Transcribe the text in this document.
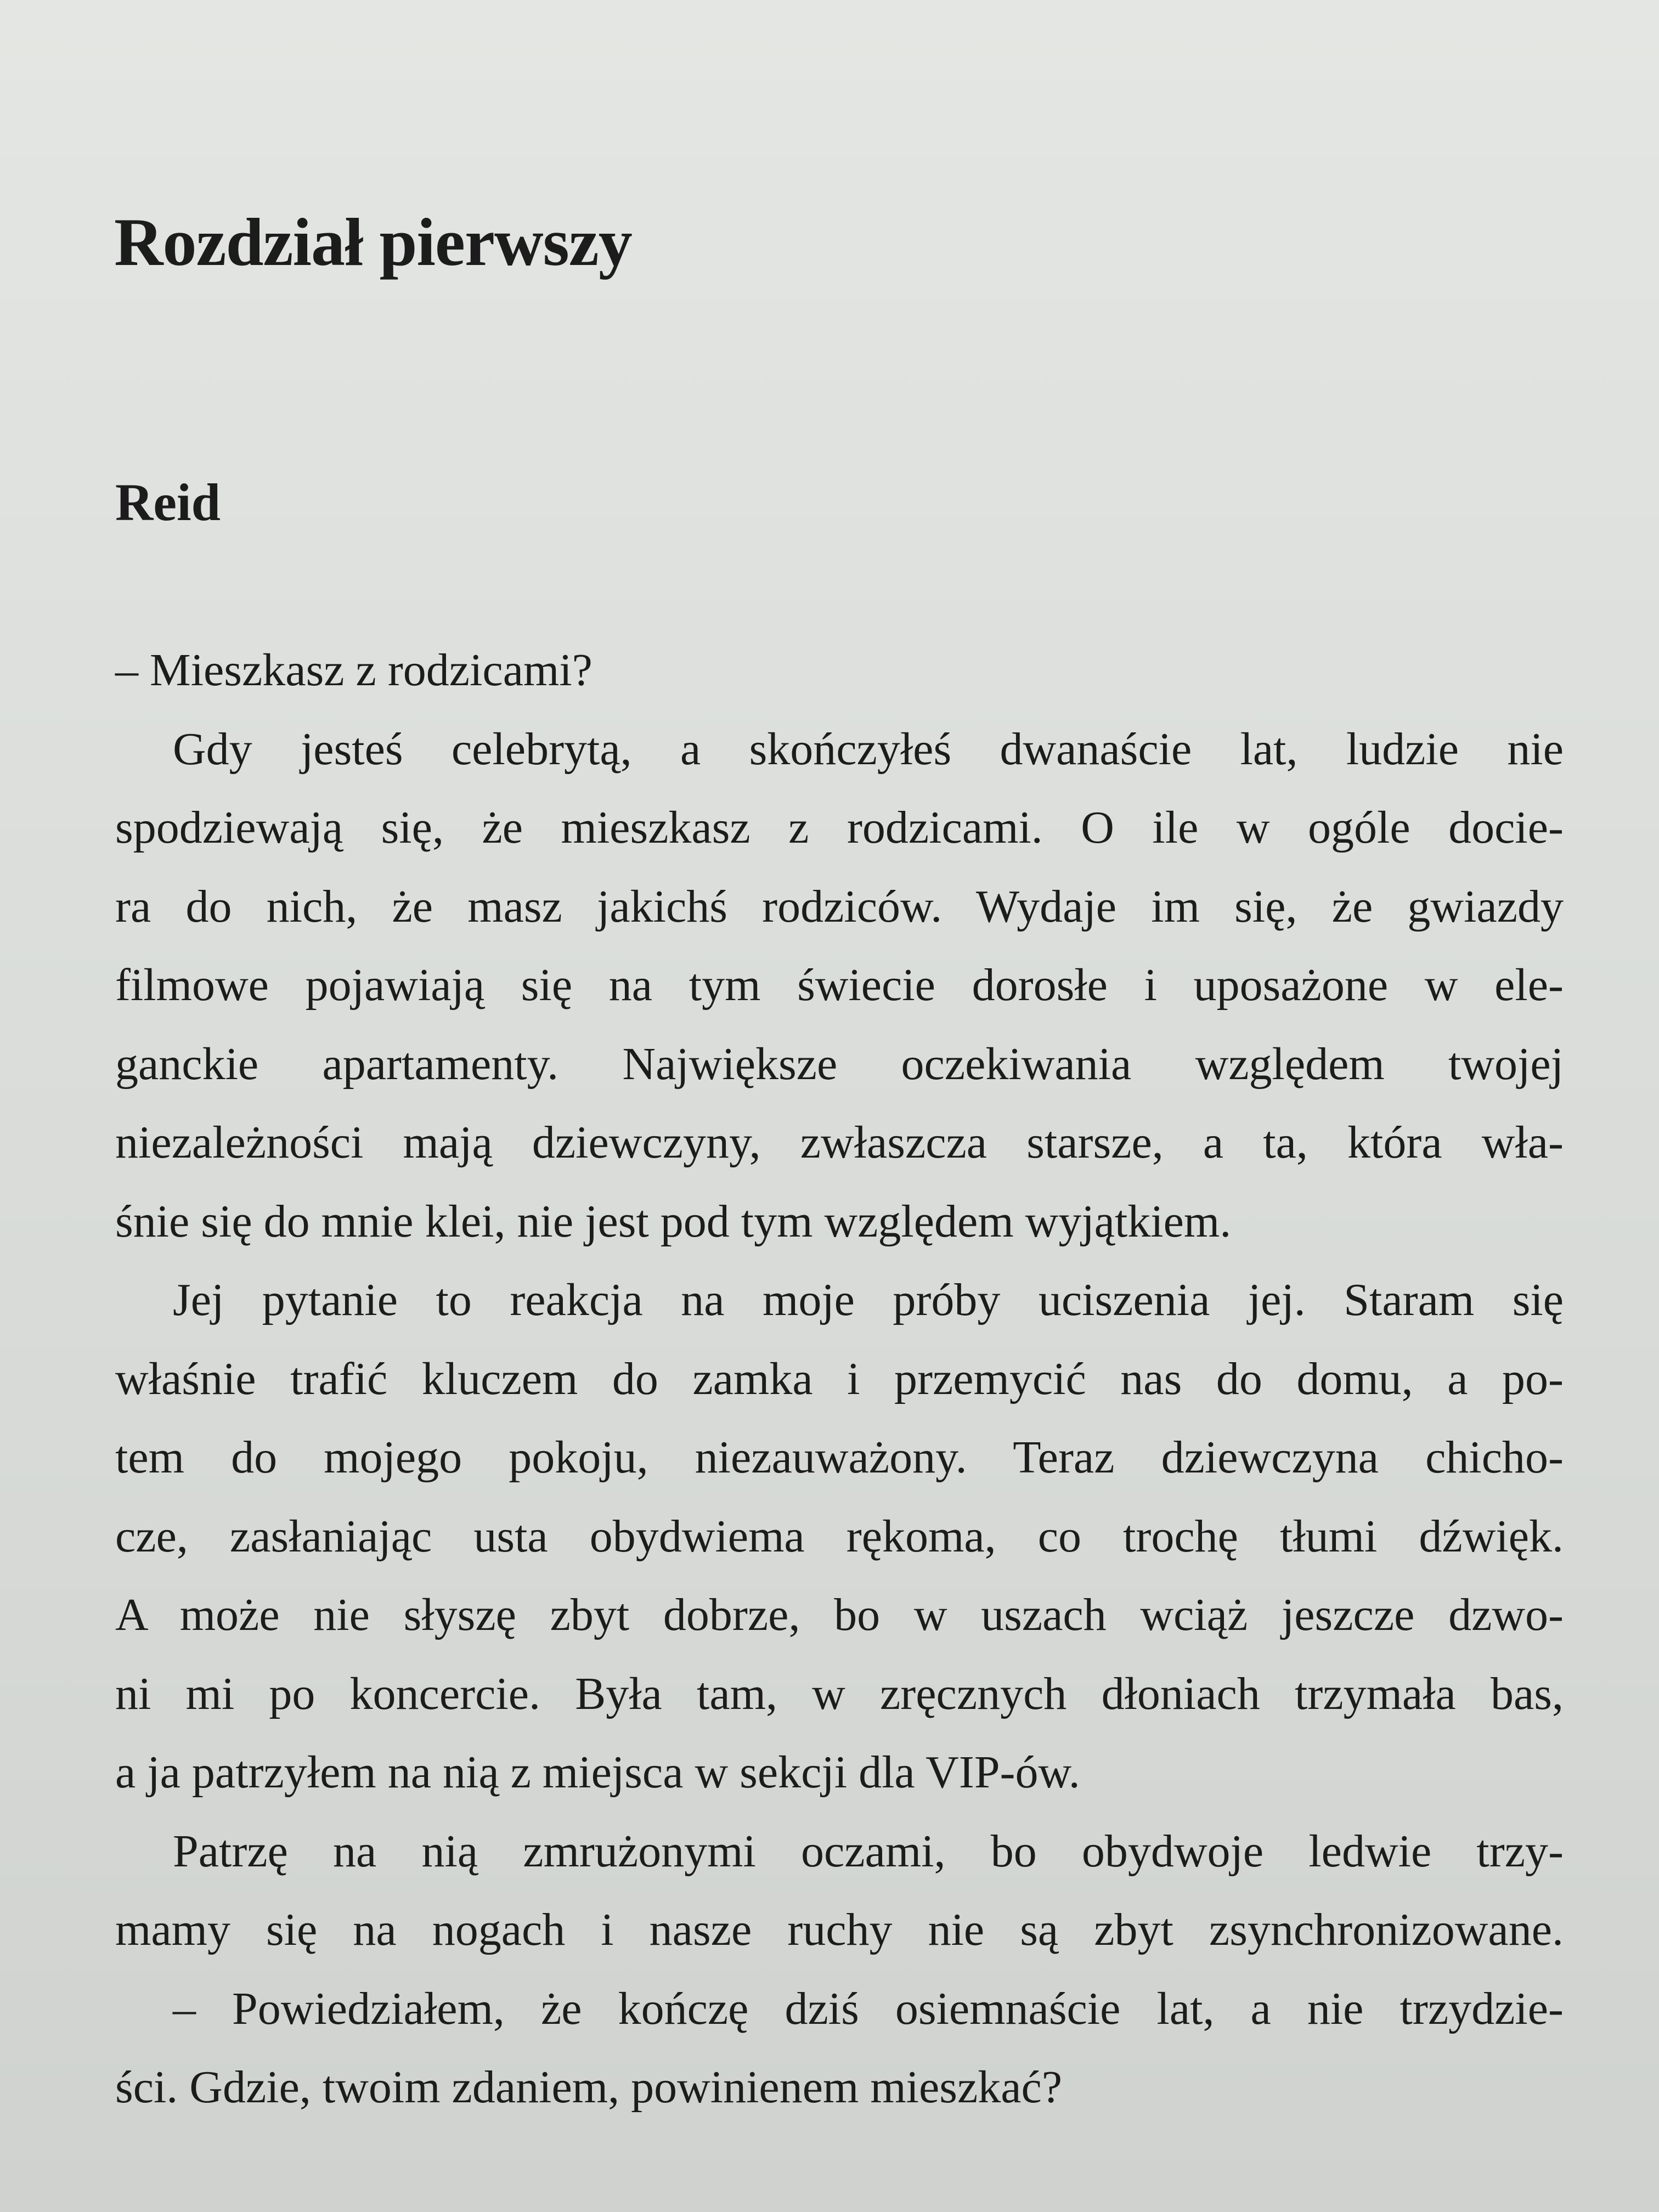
Rozdział pierwszy
Reid
– Mieszkasz z rodzicami?
Gdy jesteś celebrytą, a skończyłeś dwanaście lat, ludzie nie
spodziewają się, że mieszkasz z rodzicami. O ile w ogóle docie-
ra do nich, że masz jakichś rodziców. Wydaje im się, że gwiazdy
filmowe pojawiają się na tym świecie dorosłe i uposażone w ele-
ganckie apartamenty. Największe oczekiwania względem twojej
niezależności mają dziewczyny, zwłaszcza starsze, a ta, która wła-
śnie się do mnie klei, nie jest pod tym względem wyjątkiem.
Jej pytanie to reakcja na moje próby uciszenia jej. Staram się
właśnie trafić kluczem do zamka i przemycić nas do domu, a po-
tem do mojego pokoju, niezauważony. Teraz dziewczyna chicho-
cze, zasłaniając usta obydwiema rękoma, co trochę tłumi dźwięk.
A może nie słyszę zbyt dobrze, bo w uszach wciąż jeszcze dzwo-
ni mi po koncercie. Była tam, w zręcznych dłoniach trzymała bas,
a ja patrzyłem na nią z miejsca w sekcji dla VIP-ów.
Patrzę na nią zmrużonymi oczami, bo obydwoje ledwie trzy-
mamy się na nogach i nasze ruchy nie są zbyt zsynchronizowane.
– Powiedziałem, że kończę dziś osiemnaście lat, a nie trzydzie-
ści. Gdzie, twoim zdaniem, powinienem mieszkać?
